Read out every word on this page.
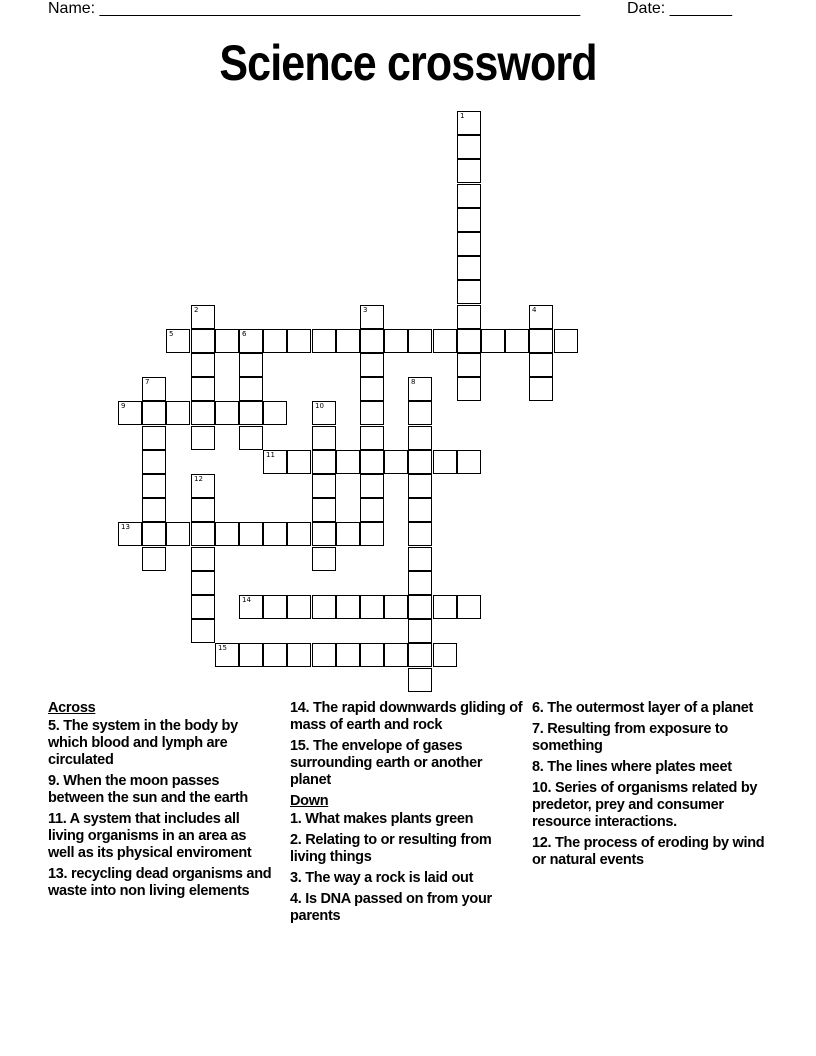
Name: ______________________________________________________	Date: _______
Science crossword
1
2	3	4
5	6
7	8
9	10
11
12
13
14
15
Across
5. The system in the body by which blood and lymph are circulated
9. When the moon passes between the sun and the earth
11. A system that includes all living organisms in an area as well as its physical enviroment
13. recycling dead organisms and waste into non living elements
14. The rapid downwards gliding of mass of earth and rock
15. The envelope of gases surrounding earth or another planet
Down
1. What makes plants green
2. Relating to or resulting from living things
3. The way a rock is laid out
4. Is DNA passed on from your parents
6. The outermost layer of a planet
7. Resulting from exposure to something
8. The lines where plates meet
10. Series of organisms related by predetor, prey and consumer resource interactions.
12. The process of eroding by wind or natural events
